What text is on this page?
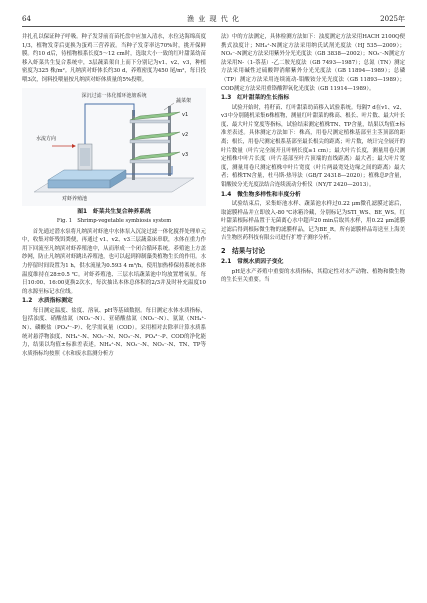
64	渔 业 现 代 化	2025年

井扎孔以保证种子呼吸。种子发芽前育苗托盘中应加入清水，水位达海绵高度1/3，植物发芽后更换为蛋鸡三营养液。当种子发芽率达70%时，挑开保鲜膜。约10 d后，待植物根系长度5～12 cm时，选取大小一致的红叶甜菜幼苗移入虾菜共生复合系统中，3层蔬菜架自上而下分别记为v1、v2、v3，种植密度为325 株/m²。凡纳滨对虾体长约30 d，养殖密度为450 尾/m²，每日投喂3次，饲料投喂量按凡纳滨对虾体质量的5%投喂。

深沉过滤一体化循环池塘系统
水流方向
蔬菜架
v1
v2
v3
对虾养殖池
图1　虾菜共生复合种养系统
Fig. 1　Shrimp-vegetable symbiosis system

首先通过潜水泵将凡纳滨对虾池中水体泵入沉淀过滤一体化搅拌处理单元中，收集对虾残饵粪便，再通过 v1、v2、v3三层蔬菜床串联，水体在重力作用下回流至凡纳滨对虾养殖池中，从而形成一个闭合循环系统。养殖池上方盖纱网，防止凡纳滨对虾跳出养殖池，也可以起到抑制藻类植物生长的作用。水力停留时间设置为1 h，供水流量为0.593 4 m³/h，使用加热棒保持系统水体温度维持在28±0.5 ℃。对虾养殖池、三层水培蔬菜池中均放置增氧泵。每日10:00、16:00更换2次水，每次抽出本体总体积的2/3并及时补充温度10的水源至标记水位线。

1.2　水质指标测定

每日测定温度、盐度、溶氧、pH等基础数据。每日测定水体水质指标，包括浊度、硝酸盐氮（NO₃⁻-N）、亚硝酸盐氮（NO₂⁻-N）、氨氮（NH₄⁺-N）、磷酸盐（PO₄³⁻-P）、化学需氧量（COD）。采用相对去除率计算水质系统对悬浮物浊度、NH₄⁺-N、NO₂⁻-N、NO₃⁻-N、PO₄³⁻-P、COD的净化能力，结果以均值±标准差表述。NH₄⁺-N、NO₂⁻-N、NO₃⁻-N、TN、TP等水质指标均按照《水和废水监测分析方

法》中的方法测定，具体检测方法如下：浊度测定方法采用HACH 2100Q便携式浊度计；NH₄⁺-N测定方法采用纳氏试剂光度法（HJ 535—2009）；NO₂⁻-N测定方法采用紫外分光光度法（GB 3838—2002）；NO₃⁻-N测定方法采用N-（1-萘基）-乙二胺光度法（GB 7493—1987）；总氮（TN）测定方法采用碱性过硫酸钾消解紫外分光光度法（GB 11894—1989）；总磷（TP）测定方法采用连续流动-钼酸铵分光光度法（GB 11893—1989）；COD测定方法采用重铬酸钾氧化光度法（GB 11914—1989）。

1.3　红叶甜菜的生长指标

试验开始时，将籽苗、红叶甜菜幼苗移入试验系统。每隔7 d在v1、v2、v3中分别随机采集6株植物，测量红叶甜菜的株高、根长、叶片数、最大叶长度、最大叶片宽度等指标，试验结束测定植株TN、TP含量，结果以均值±标准差表述。具体测定方法如下：株高，用卷尺测定植株基部至主茎顶部的距离；根长，用卷尺测定根系基部至最长根尖的距离；叶片数，统计完全展开的叶片数量（叶片完全展开且叶柄长度≥1 cm）；最大叶片长度，测量用卷尺测定植株中叶片长度（叶片基部至叶片顶端的直线距离）最大者；最大叶片宽度，测量用卷尺测定植株中叶片宽度（叶片两最宽处边缘之间的距离）最大者；植株TN含量，杜马斯-热导法（GB/T 24318—2020）；植株总P含量，钼酸铵分光光度法结合连续流动分析仪（NY/T 2420—2013）。

1.4　微生物多样性和丰度分析

试验结束后，采集虾池水样、蔬菜池水样过0.22 μm微孔滤膜过滤后，取滤膜样品并立即放入-80 ℃冰箱冷藏，分别标记为STI_WS、BE_WS。红叶甜菜根际样品置于无菌离心水中超声20 min后取其水样，用0.22 μm滤膜过滤后得到根际微生物的滤膜样品，记为BE_R。所有滤膜样品寄送至上海美吉生物医药科技有限公司进行扩增子测序分析。

2　结果与讨论
2.1　常规水质因子变化

pH是水产养殖中重要的水质指标，其稳定性对水产动物、植物和微生物的生长至关重要。当
